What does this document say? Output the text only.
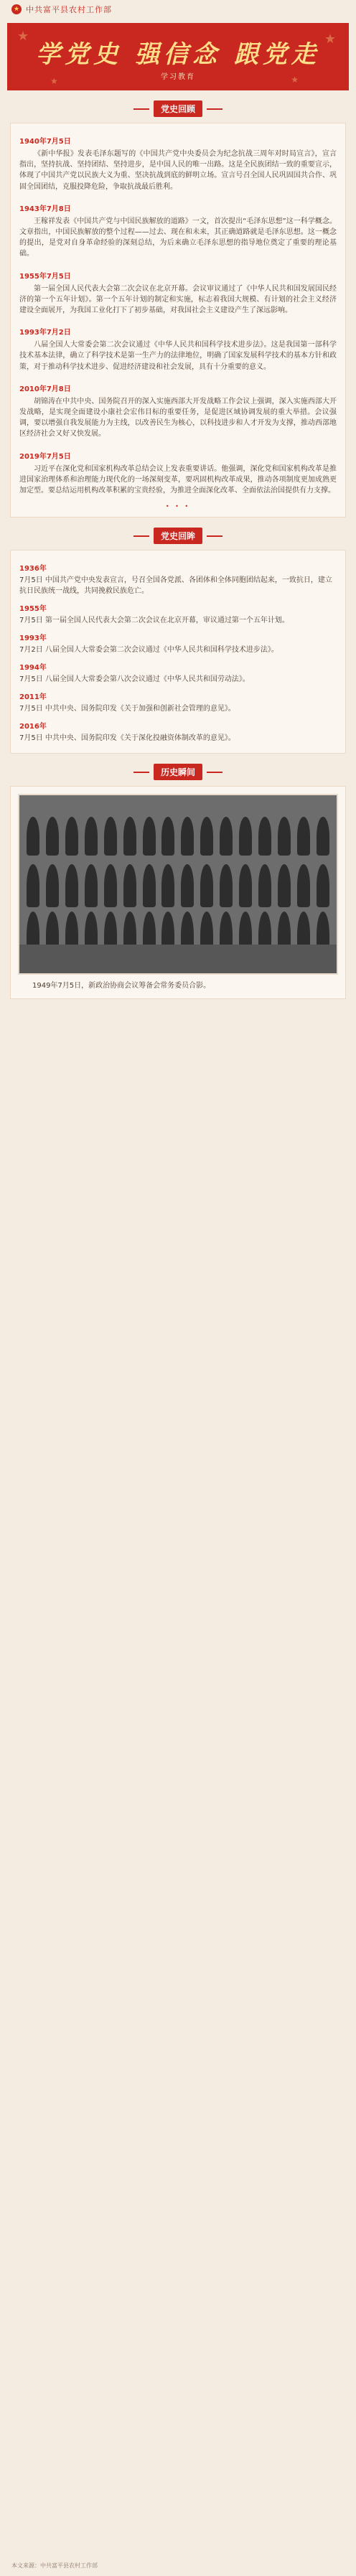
★ 中共富平县农村工作部
★	★
★	★
学党史 强信念 跟党走
学习教育
党史回顾
1940年7月5日

《新中华报》发表毛泽东题写的《中国共产党中央委员会为纪念抗战三周年对时局宣言》，宣言指出，坚持抗战、坚持团结、坚持进步，是中国人民的唯一出路。这是全民族团结一致的重要宣示，体现了中国共产党以民族大义为重、坚决抗战到底的鲜明立场。宣言号召全国人民巩固国共合作、巩固全国团结，克服投降危险，争取抗战最后胜利。

1943年7月8日

王稼祥发表《中国共产党与中国民族解放的道路》一文，首次提出“毛泽东思想”这一科学概念。文章指出，中国民族解放的整个过程——过去、现在和未来，其正确道路就是毛泽东思想。这一概念的提出，是党对自身革命经验的深刻总结，为后来确立毛泽东思想的指导地位奠定了重要的理论基础。

1955年7月5日

第一届全国人民代表大会第二次会议在北京开幕。会议审议通过了《中华人民共和国发展国民经济的第一个五年计划》。第一个五年计划的制定和实施，标志着我国大规模、有计划的社会主义经济建设全面展开，为我国工业化打下了初步基础，对我国社会主义建设产生了深远影响。

1993年7月2日

八届全国人大常委会第二次会议通过《中华人民共和国科学技术进步法》。这是我国第一部科学技术基本法律，确立了科学技术是第一生产力的法律地位，明确了国家发展科学技术的基本方针和政策，对于推动科学技术进步、促进经济建设和社会发展，具有十分重要的意义。

2010年7月8日

胡锦涛在中共中央、国务院召开的深入实施西部大开发战略工作会议上强调，深入实施西部大开发战略，是实现全面建设小康社会宏伟目标的重要任务，是促进区域协调发展的重大举措。会议强调，要以增强自我发展能力为主线，以改善民生为核心，以科技进步和人才开发为支撑，推动西部地区经济社会又好又快发展。

2019年7月5日

习近平在深化党和国家机构改革总结会议上发表重要讲话。他强调，深化党和国家机构改革是推进国家治理体系和治理能力现代化的一场深刻变革，要巩固机构改革成果，推动各项制度更加成熟更加定型。要总结运用机构改革积累的宝贵经验，为推进全面深化改革、全面依法治国提供有力支撑。

• • •
党史回眸
1936年

7月5日 中国共产党中央发表宣言，号召全国各党派、各团体和全体同胞团结起来，一致抗日，建立抗日民族统一战线，共同挽救民族危亡。

1955年

7月5日 第一届全国人民代表大会第二次会议在北京开幕，审议通过第一个五年计划。

1993年

7月2日 八届全国人大常委会第二次会议通过《中华人民共和国科学技术进步法》。

1994年

7月5日 八届全国人大常委会第八次会议通过《中华人民共和国劳动法》。

2011年

7月5日 中共中央、国务院印发《关于加强和创新社会管理的意见》。

2016年

7月5日 中共中央、国务院印发《关于深化投融资体制改革的意见》。

历史瞬间

1949年7月5日，新政治协商会议筹备会常务委员合影。

本文来源：中共富平县农村工作部
